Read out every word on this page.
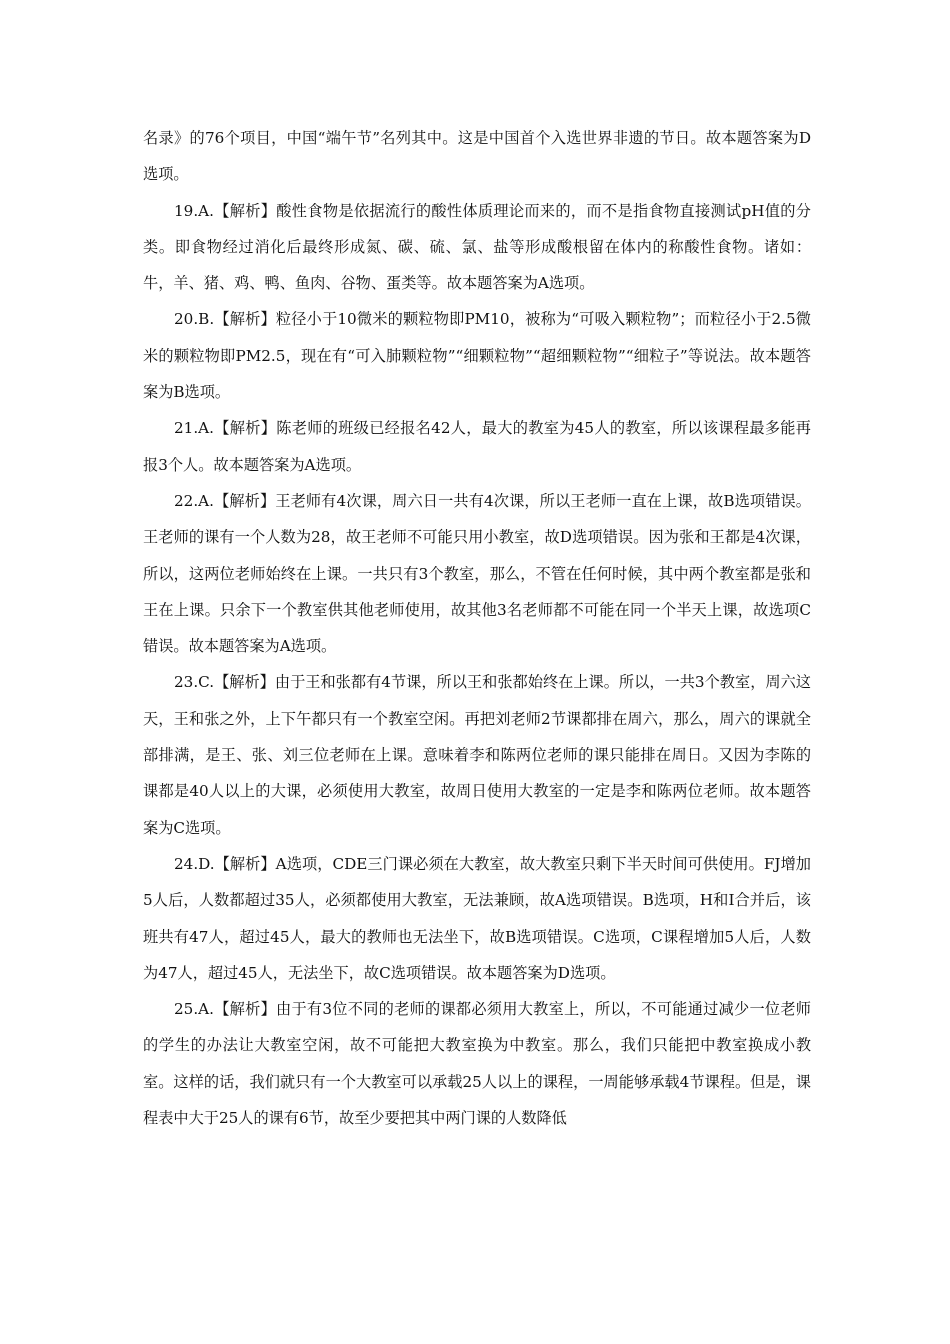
名录》的76个项目，中国“端午节”名列其中。这是中国首个入选世界非遗的节日。故本题答案为D选项。

19.A.【解析】酸性食物是依据流行的酸性体质理论而来的，而不是指食物直接测试pH值的分类。即食物经过消化后最终形成氮、碳、硫、氯、盐等形成酸根留在体内的称酸性食物。诸如：牛，羊、猪、鸡、鸭、鱼肉、谷物、蛋类等。故本题答案为A选项。

20.B.【解析】粒径小于10微米的颗粒物即PM10，被称为“可吸入颗粒物”；而粒径小于2.5微米的颗粒物即PM2.5，现在有“可入肺颗粒物”“细颗粒物”“超细颗粒物”“细粒子”等说法。故本题答案为B选项。

21.A.【解析】陈老师的班级已经报名42人，最大的教室为45人的教室，所以该课程最多能再报3个人。故本题答案为A选项。

22.A.【解析】王老师有4次课，周六日一共有4次课，所以王老师一直在上课，故B选项错误。王老师的课有一个人数为28，故王老师不可能只用小教室，故D选项错误。因为张和王都是4次课，所以，这两位老师始终在上课。一共只有3个教室，那么，不管在任何时候，其中两个教室都是张和王在上课。只余下一个教室供其他老师使用，故其他3名老师都不可能在同一个半天上课，故选项C错误。故本题答案为A选项。

23.C.【解析】由于王和张都有4节课，所以王和张都始终在上课。所以，一共3个教室，周六这天，王和张之外，上下午都只有一个教室空闲。再把刘老师2节课都排在周六，那么，周六的课就全部排满，是王、张、刘三位老师在上课。意味着李和陈两位老师的课只能排在周日。又因为李陈的课都是40人以上的大课，必须使用大教室，故周日使用大教室的一定是李和陈两位老师。故本题答案为C选项。

24.D.【解析】A选项，CDE三门课必须在大教室，故大教室只剩下半天时间可供使用。FJ增加5人后，人数都超过35人，必须都使用大教室，无法兼顾，故A选项错误。B选项，H和I合并后，该班共有47人，超过45人，最大的教师也无法坐下，故B选项错误。C选项，C课程增加5人后，人数为47人，超过45人，无法坐下，故C选项错误。故本题答案为D选项。

25.A.【解析】由于有3位不同的老师的课都必须用大教室上，所以，不可能通过减少一位老师的学生的办法让大教室空闲，故不可能把大教室换为中教室。那么，我们只能把中教室换成小教室。这样的话，我们就只有一个大教室可以承载25人以上的课程，一周能够承载4节课程。但是，课程表中大于25人的课有6节，故至少要把其中两门课的人数降低
